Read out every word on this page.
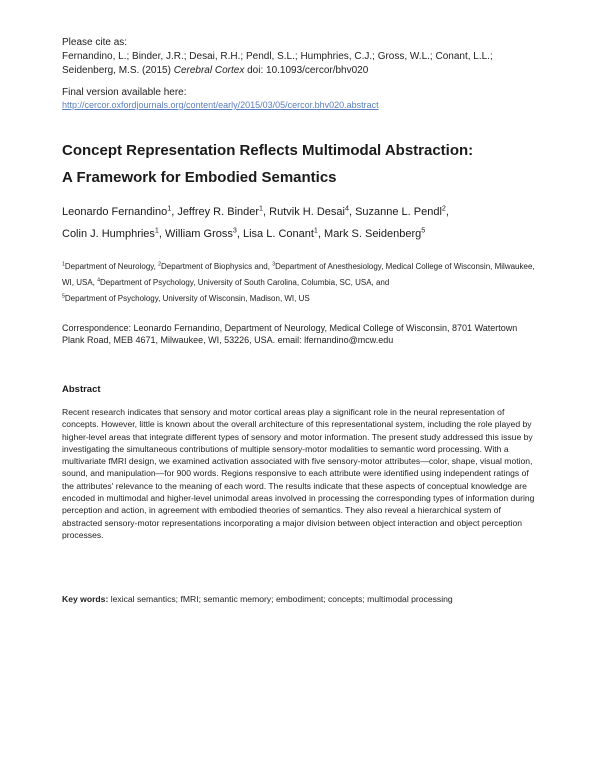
Please cite as:
Fernandino, L.; Binder, J.R.; Desai, R.H.; Pendl, S.L.; Humphries, C.J.; Gross, W.L.; Conant, L.L.; Seidenberg, M.S. (2015) Cerebral Cortex doi: 10.1093/cercor/bhv020
Final version available here:
http://cercor.oxfordjournals.org/content/early/2015/03/05/cercor.bhv020.abstract
Concept Representation Reflects Multimodal Abstraction:
A Framework for Embodied Semantics
Leonardo Fernandino$^1$, Jeffrey R. Binder$^1$, Rutvik H. Desai$^4$, Suzanne L. Pendl$^2$,
Colin J. Humphries$^1$, William Gross$^3$, Lisa L. Conant$^1$, Mark S. Seidenberg$^5$
$^1$Department of Neurology, $^2$Department of Biophysics and, $^3$Department of Anesthesiology, Medical College of Wisconsin, Milwaukee, WI, USA, $^4$Department of Psychology, University of South Carolina, Columbia, SC, USA, and
$^5$Department of Psychology, University of Wisconsin, Madison, WI, US
Correspondence: Leonardo Fernandino, Department of Neurology, Medical College of Wisconsin, 8701 Watertown Plank Road, MEB 4671, Milwaukee, WI, 53226, USA. email: lfernandino@mcw.edu
Abstract
Recent research indicates that sensory and motor cortical areas play a significant role in the neural representation of concepts. However, little is known about the overall architecture of this representational system, including the role played by higher-level areas that integrate different types of sensory and motor information. The present study addressed this issue by investigating the simultaneous contributions of multiple sensory-motor modalities to semantic word processing. With a multivariate fMRI design, we examined activation associated with five sensory-motor attributes—color, shape, visual motion, sound, and manipulation—for 900 words. Regions responsive to each attribute were identified using independent ratings of the attributes' relevance to the meaning of each word. The results indicate that these aspects of conceptual knowledge are encoded in multimodal and higher-level unimodal areas involved in processing the corresponding types of information during perception and action, in agreement with embodied theories of semantics. They also reveal a hierarchical system of abstracted sensory-motor representations incorporating a major division between object interaction and object perception processes.
Key words: lexical semantics; fMRI; semantic memory; embodiment; concepts; multimodal processing
